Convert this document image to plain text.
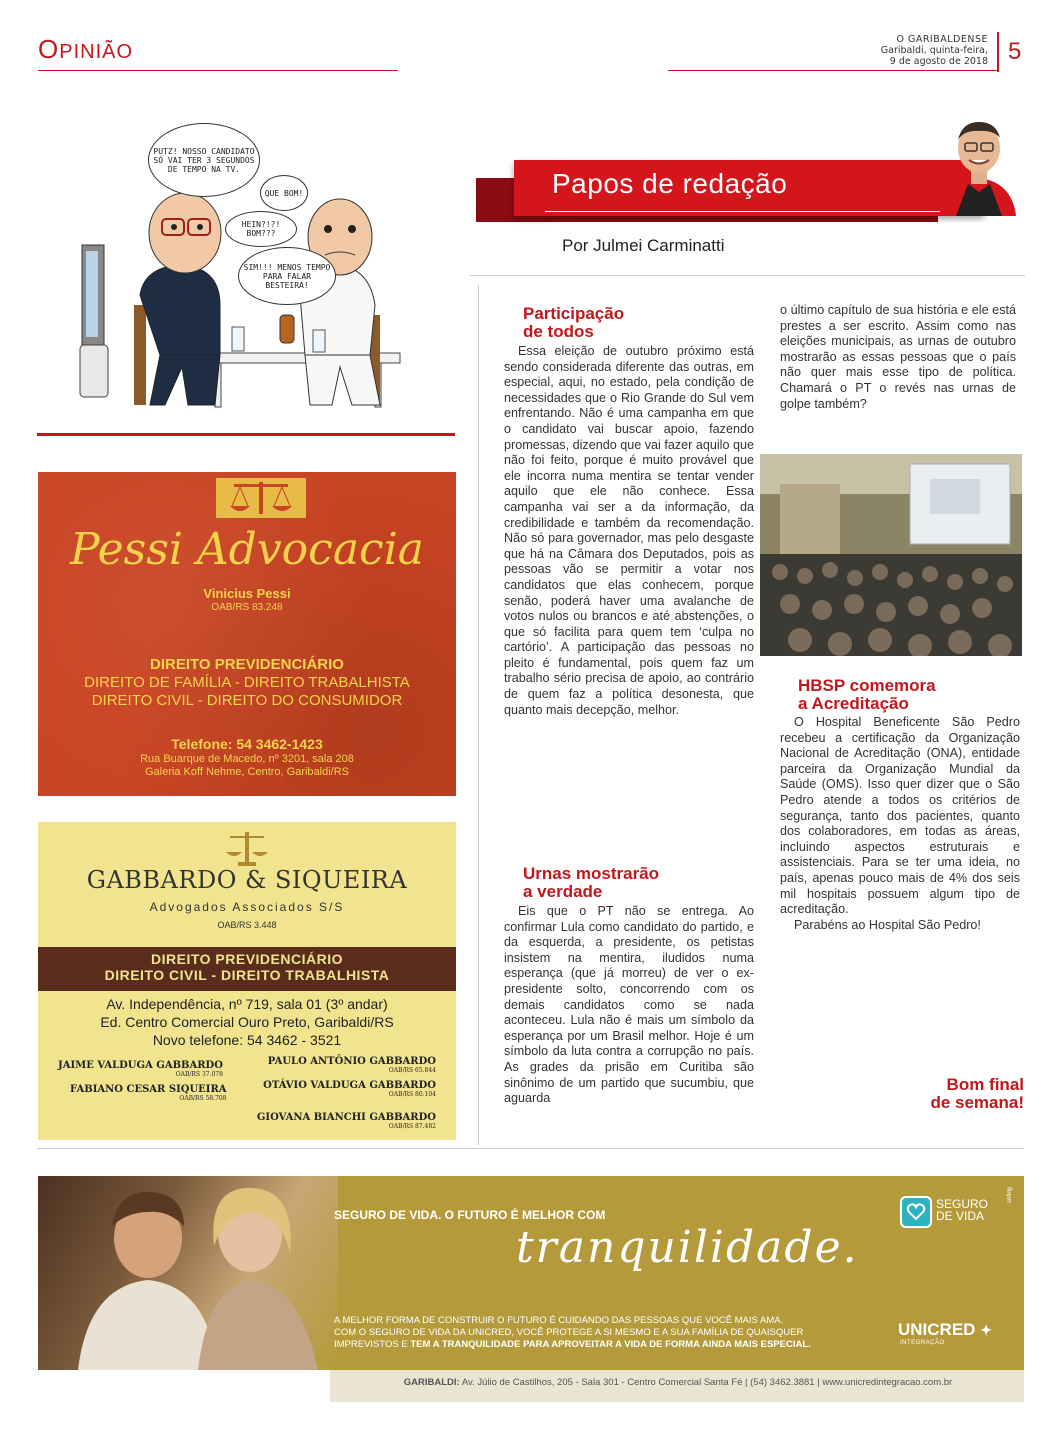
OPINIÃO
O GARIBALDENSE
Garibaldi, quinta-feira,
9 de agosto de 2018 5
PUTZ! NOSSO CANDIDATO SÓ VAI TER 3 SEGUNDOS DE TEMPO NA TV.
QUE BOM!
HEIN?!?! BOM???
SIM!!! MENOS TEMPO PARA FALAR BESTEIRA!
Papos de redação
Por Julmei Carminatti
Participação
de todos

Essa eleição de outubro próximo está sendo considerada diferente das outras, em especial, aqui, no estado, pela condição de necessidades que o Rio Grande do Sul vem enfrentando. Não é uma campanha em que o candidato vai buscar apoio, fazendo promessas, dizendo que vai fazer aquilo que não foi feito, porque é muito provável que ele incorra numa mentira se tentar vender aquilo que ele não conhece. Essa campanha vai ser a da informação, da credibilidade e também da recomendação. Não só para governador, mas pelo desgaste que há na Câmara dos Deputados, pois as pessoas vão se permitir a votar nos candidatos que elas conhecem, porque senão, poderá haver uma avalanche de votos nulos ou brancos e até abstenções, o que só facilita para quem tem ‘culpa no cartório’. A participação das pessoas no pleito é fundamental, pois quem faz um trabalho sério precisa de apoio, ao contrário de quem faz a política desonesta, que quanto mais decepção, melhor.

Urnas mostrarão
a verdade

Eis que o PT não se entrega. Ao confirmar Lula como candidato do partido, e da esquerda, a presidente, os petistas insistem na mentira, iludidos numa esperança (que já morreu) de ver o ex-presidente solto, concorrendo com os demais candidatos como se nada aconteceu. Lula não é mais um símbolo da esperança por um Brasil melhor. Hoje é um símbolo da luta contra a corrupção no país. As grades da prisão em Curitiba são sinônimo de um partido que sucumbiu, que aguarda

o último capítulo de sua história e ele está prestes a ser escrito. Assim como nas eleições municipais, as urnas de outubro mostrarão as essas pessoas que o país não quer mais esse tipo de política. Chamará o PT o revés nas urnas de golpe também?

HBSP comemora
a Acreditação

O Hospital Beneficente São Pedro recebeu a certificação da Organização Nacional de Acreditação (ONA), entidade parceira da Organização Mundial da Saúde (OMS). Isso quer dizer que o São Pedro atende a todos os critérios de segurança, tanto dos pacientes, quanto dos colaboradores, em todas as áreas, incluindo aspectos estruturais e assistenciais. Para se ter uma ideia, no país, apenas pouco mais de 4% dos seis mil hospitais possuem algum tipo de acreditação.

Parabéns ao Hospital São Pedro!

Bom final
de semana!
Pessi Advocacia
Vinicius Pessi
OAB/RS 83.248
DIREITO PREVIDENCIÁRIO
DIREITO DE FAMÍLIA - DIREITO TRABALHISTA
DIREITO CIVIL - DIREITO DO CONSUMIDOR
Telefone: 54 3462-1423
Rua Buarque de Macedo, nº 3201, sala 208
Galeria Koff Nehme, Centro, Garibaldi/RS
GABBARDO & SIQUEIRA
Advogados Associados S/S
OAB/RS 3.448
DIREITO PREVIDENCIÁRIO
DIREITO CIVIL - DIREITO TRABALHISTA
Av. Independência, nº 719, sala 01 (3º andar)
Ed. Centro Comercial Ouro Preto, Garibaldi/RS
Novo telefone: 54 3462 - 3521
JAIME VALDUGA GABBARDO
OAB/RS 37.078
PAULO ANTÔNIO GABBARDO
OAB/RS 65.844
FABIANO CESAR SIQUEIRA
OAB/RS 58.708
OTÁVIO VALDUGA GABBARDO
OAB/RS 80.104
GIOVANA BIANCHI GABBARDO
OAB/RS 87.482
SEGURO DE VIDA. O FUTURO É MELHOR COM
tranquilidade.
SEGURO
DE VIDA
sefing
A MELHOR FORMA DE CONSTRUIR O FUTURO É CUIDANDO DAS PESSOAS QUE VOCÊ MAIS AMA.
COM O SEGURO DE VIDA DA UNICRED, VOCÊ PROTEGE A SI MESMO E A SUA FAMÍLIA DE QUAISQUER
IMPREVISTOS E TEM A TRANQUILIDADE PARA APROVEITAR A VIDA DE FORMA AINDA MAIS ESPECIAL.
UNICRED ✦
INTEGRAÇÃO
GARIBALDI: Av. Júlio de Castilhos, 205 - Sala 301 - Centro Comercial Santa Fé | (54) 3462.3881 | www.unicredintegracao.com.br
